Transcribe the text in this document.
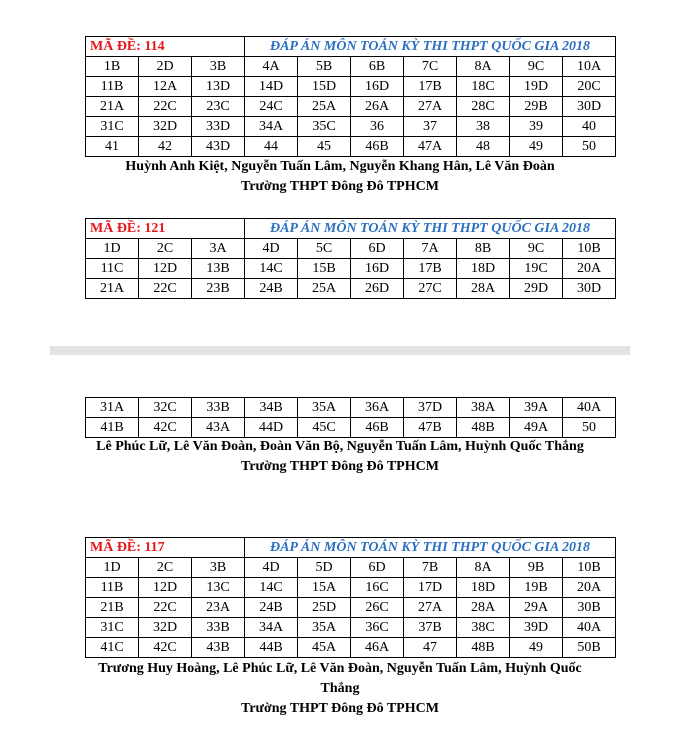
MÃ ĐỀ: 114			ĐÁP ÁN MÔN TOÁN KỲ THI THPT QUỐC GIA 2018						
1B	2D	3B	4A	5B	6B	7C	8A	9C	10A
11B	12A	13D	14D	15D	16D	17B	18C	19D	20C
21A	22C	23C	24C	25A	26A	27A	28C	29B	30D
31C	32D	33D	34A	35C	36	37	38	39	40
41	42	43D	44	45	46B	47A	48	49	50
Huỳnh Anh Kiệt, Nguyễn Tuấn Lâm, Nguyễn Khang Hân, Lê Văn Đoàn
Trường THPT Đông Đô TPHCM
MÃ ĐỀ: 121			ĐÁP ÁN MÔN TOÁN KỲ THI THPT QUỐC GIA 2018						
1D	2C	3A	4D	5C	6D	7A	8B	9C	10B
11C	12D	13B	14C	15B	16D	17B	18D	19C	20A
21A	22C	23B	24B	25A	26D	27C	28A	29D	30D
31A	32C	33B	34B	35A	36A	37D	38A	39A	40A
41B	42C	43A	44D	45C	46B	47B	48B	49A	50
Lê Phúc Lữ, Lê Văn Đoàn, Đoàn Văn Bộ, Nguyễn Tuấn Lâm, Huỳnh Quốc Thắng
Trường THPT Đông Đô TPHCM
MÃ ĐỀ: 117			ĐÁP ÁN MÔN TOÁN KỲ THI THPT QUỐC GIA 2018						
1D	2C	3B	4D	5D	6D	7B	8A	9B	10B
11B	12D	13C	14C	15A	16C	17D	18D	19B	20A
21B	22C	23A	24B	25D	26C	27A	28A	29A	30B
31C	32D	33B	34A	35A	36C	37B	38C	39D	40A
41C	42C	43B	44B	45A	46A	47	48B	49	50B
Trương Huy Hoàng, Lê Phúc Lữ, Lê Văn Đoàn, Nguyễn Tuấn Lâm, Huỳnh Quốc
Thắng
Trường THPT Đông Đô TPHCM
